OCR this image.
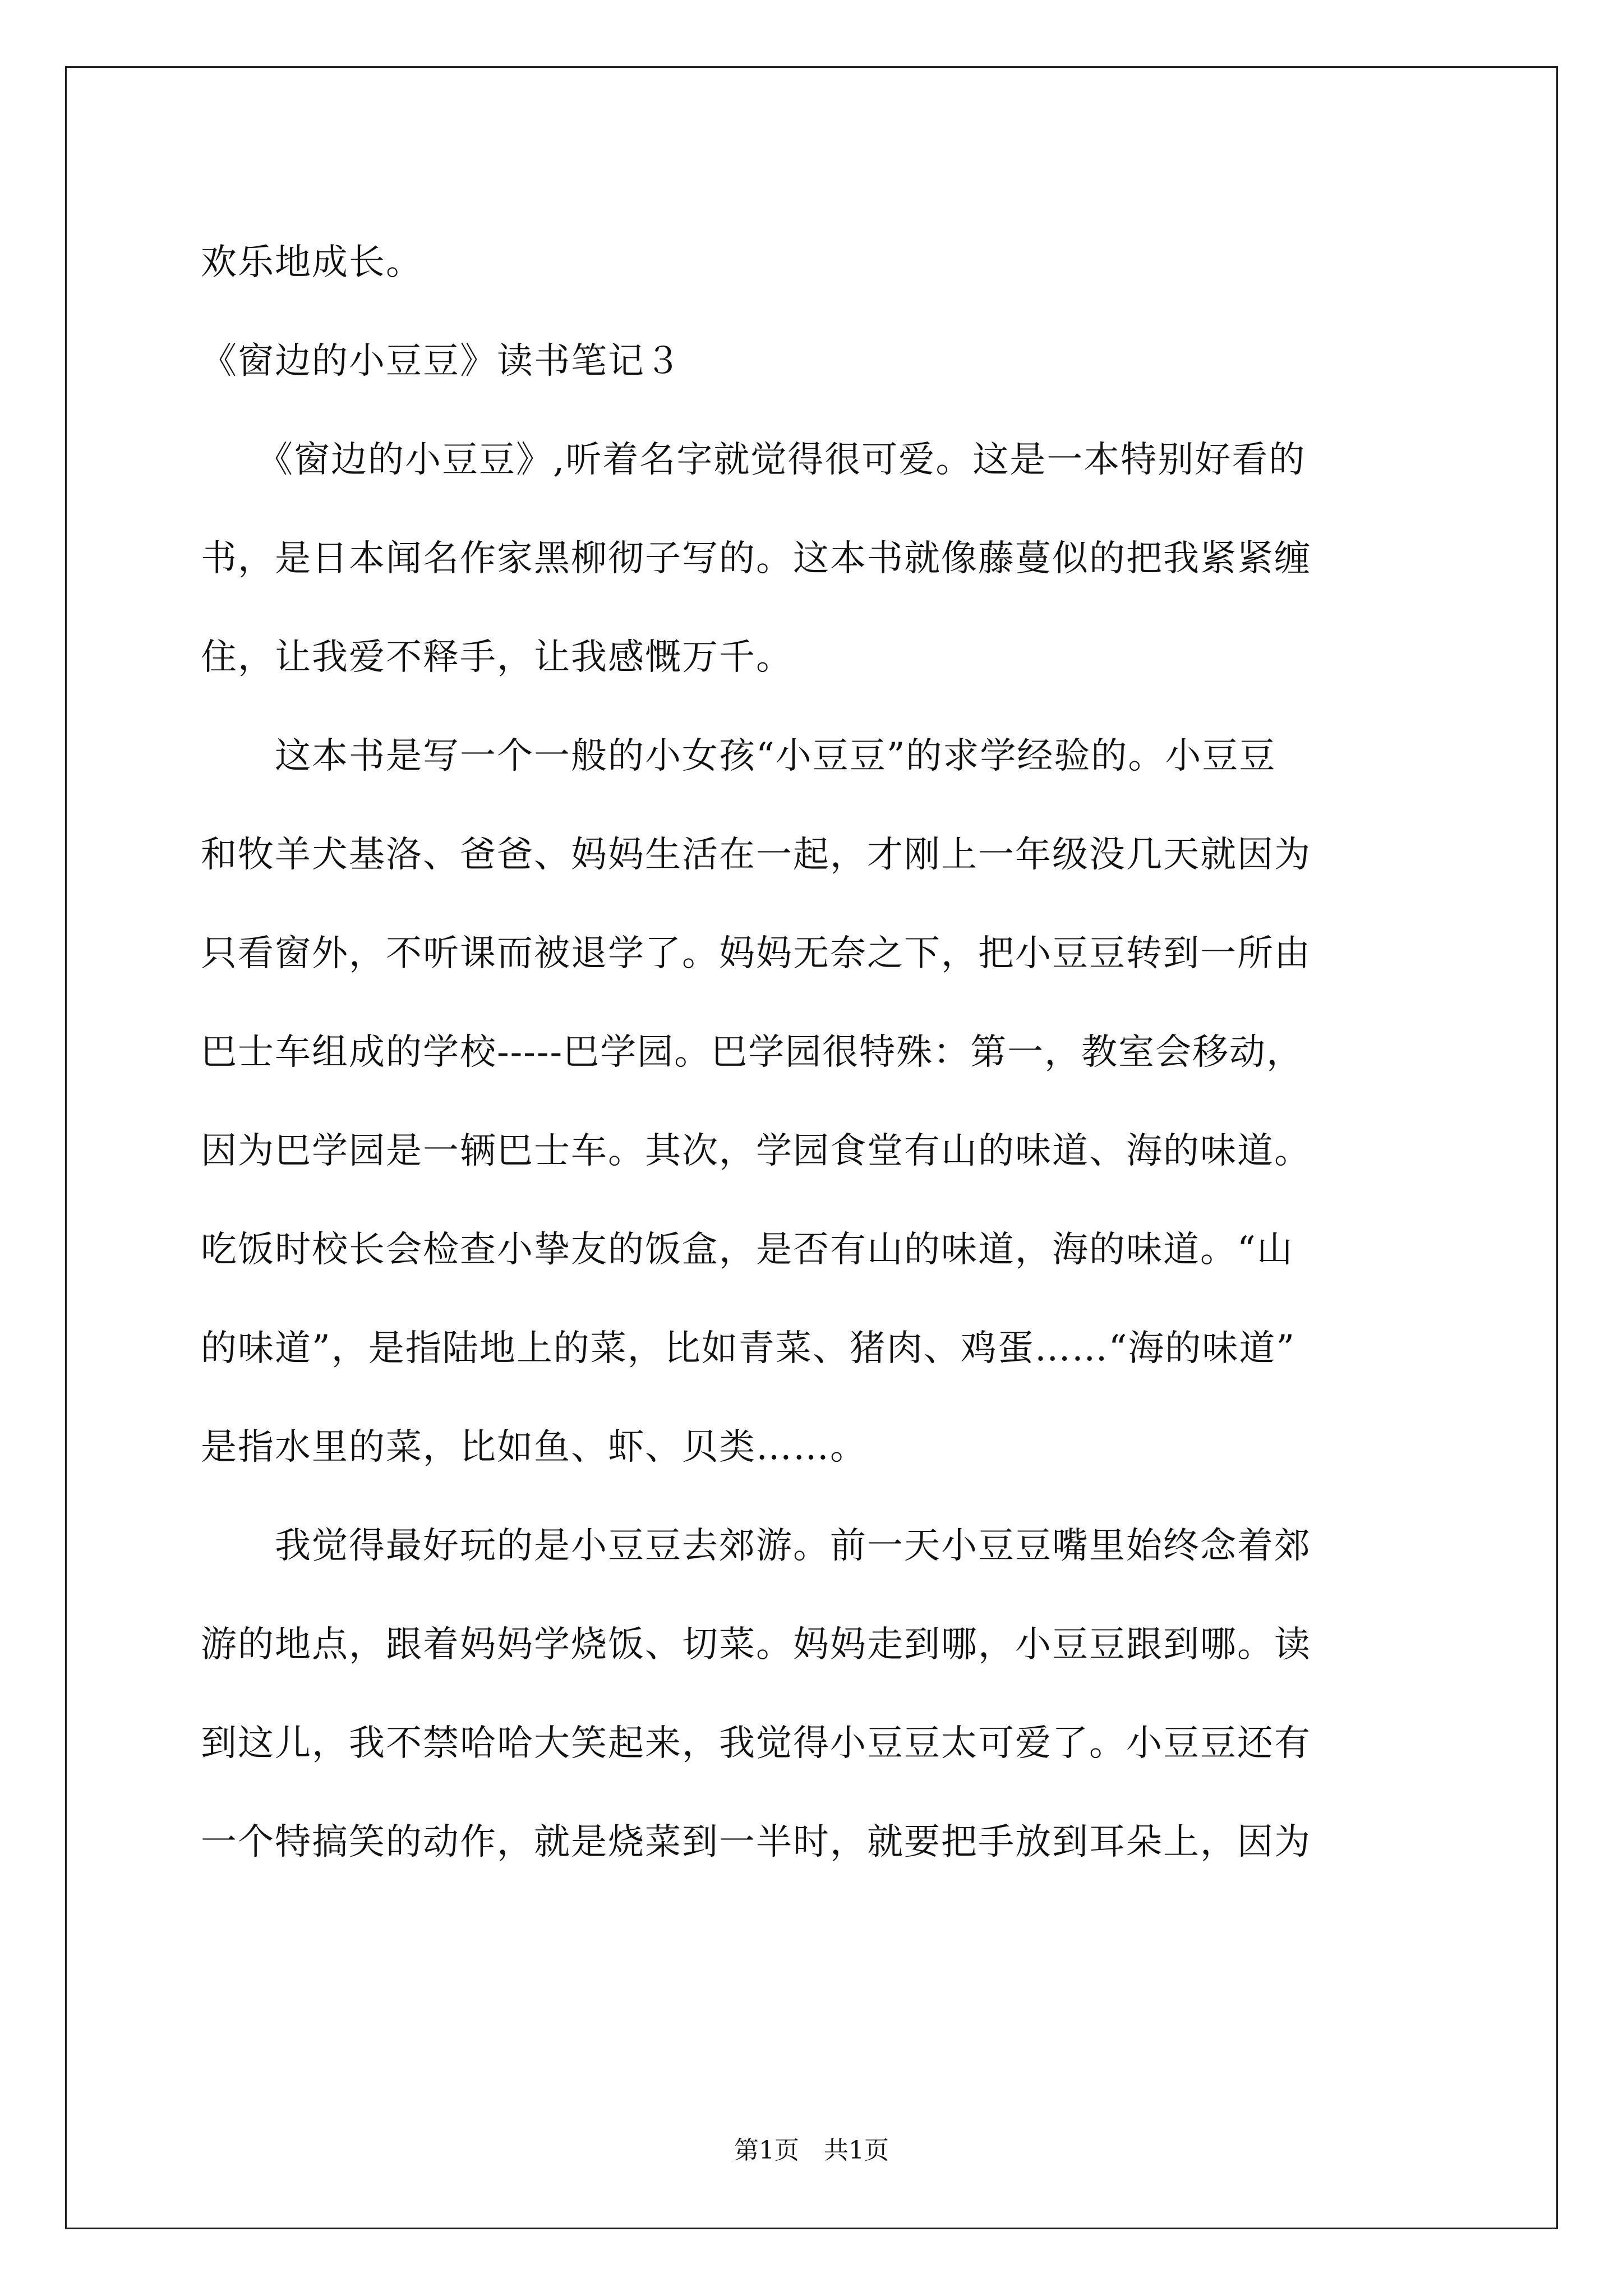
欢乐地成长。
《窗边的小豆豆》读书笔记３
　　《窗边的小豆豆》,听着名字就觉得很可爱。这是一本特别好看的
书，是日本闻名作家黑柳彻子写的。这本书就像藤蔓似的把我紧紧缠
住，让我爱不释手，让我感慨万千。
　　这本书是写一个一般的小女孩“小豆豆”的求学经验的。小豆豆
和牧羊犬基洛、爸爸、妈妈生活在一起，才刚上一年级没几天就因为
只看窗外，不听课而被退学了。妈妈无奈之下，把小豆豆转到一所由
巴士车组成的学校-----巴学园。巴学园很特殊：第一，教室会移动，
因为巴学园是一辆巴士车。其次，学园食堂有山的味道、海的味道。
吃饭时校长会检查小挚友的饭盒，是否有山的味道，海的味道。“山
的味道”，是指陆地上的菜，比如青菜、猪肉、鸡蛋……“海的味道”
是指水里的菜，比如鱼、虾、贝类……。
　　我觉得最好玩的是小豆豆去郊游。前一天小豆豆嘴里始终念着郊
游的地点，跟着妈妈学烧饭、切菜。妈妈走到哪，小豆豆跟到哪。读
到这儿，我不禁哈哈大笑起来，我觉得小豆豆太可爱了。小豆豆还有
一个特搞笑的动作，就是烧菜到一半时，就要把手放到耳朵上，因为
第1页　共1页
